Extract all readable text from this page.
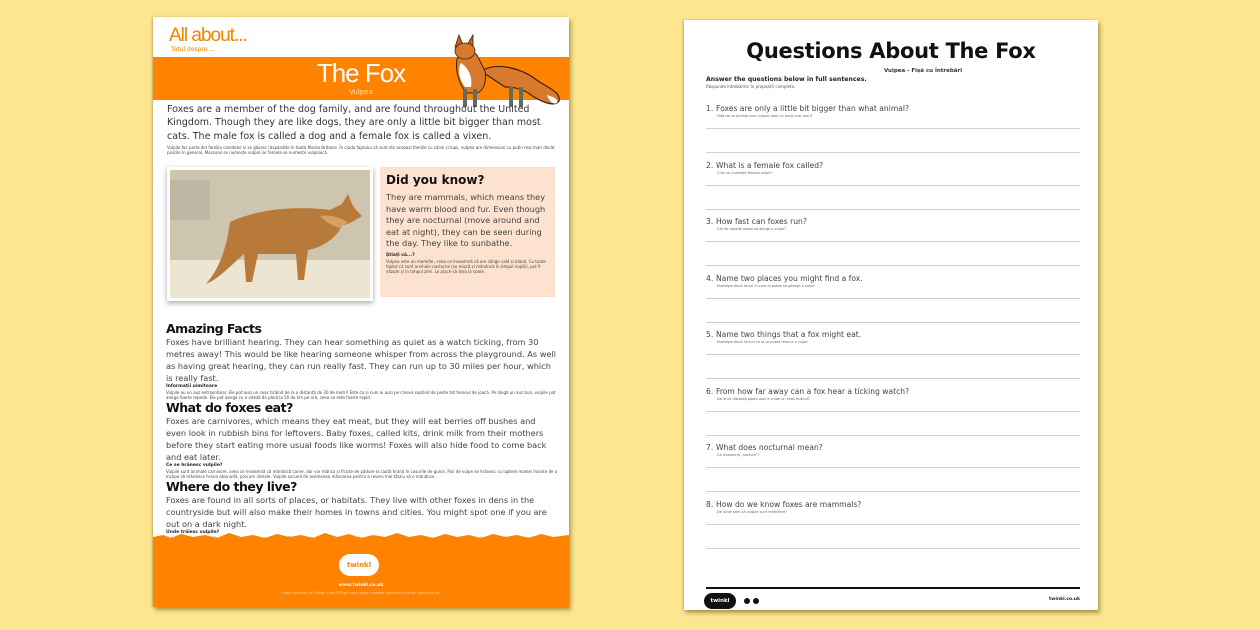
All about...
Totul despre ...
The Fox
Vulpea
Foxes are a member of the dog family, and are found throughout the United Kingdom. Though they are like dogs, they are only a little bit bigger than most cats. The male fox is called a dog and a female fox is called a vixen.
Vulpile fac parte din familia canidelor și se găsesc răspândite în toată Marea Britanie. În ciuda faptului că sunt din aceeași familie cu câinii și lupii, vulpea are dimensiuni cu puțin mai mari decât pisicile în general. Masculul se numește vulpoi iar femela se numește vulpoaică.
Did you know?
They are mammals, which means they have warm blood and fur. Even though they are nocturnal (move around and eat at night), they can be seen during the day. They like to sunbathe.
Știați că...?
Vulpea este un mamifer, ceea ce înseamnă că are sânge cald și blană. Cu toate faptul că sunt animale nocturne (se mișcă și mănâncă în timpul nopții), pot fi văzute și în timpul zilei. Le place să stea la soare.
Amazing Facts
Foxes have brilliant hearing. They can hear something as quiet as a watch ticking, from 30 metres away! This would be like hearing someone whisper from across the playground. As well as having great hearing, they can run really fast. They can run up to 30 miles per hour, which is really fast.
Informații uimitoare
Vulpile au un auz extraordinar. Ele pot auzi un ceas ticăind de la o distanță de 30 de metri! Este ca și cum ai auzi pe cineva șoptind de peste tot terenul de joacă. Pe lângă un auz bun, vulpile pot alerga foarte repede. Ele pot alerga cu o viteză de până la 50 de km pe oră, ceea ce este foarte rapid.
What do foxes eat?
Foxes are carnivores, which means they eat meat, but they will eat berries off bushes and even look in rubbish bins for leftovers. Baby foxes, called kits, drink milk from their mothers before they start eating more usual foods like worms! Foxes will also hide food to come back and eat later.
Ce se hrănesc vulpile?
Vulpile sunt animale carnivore, ceea ce înseamnă că mănâncă carne, dar vor mânca și fructe de pădure și caută hrană în coșurile de gunoi. Puii de vulpe se hrănesc cu laptele mamei înainte de a începe să mănânce hrana obișnuită, precum râmele. Vulpile ascund de asemenea mâncarea pentru a reveni mai târziu să o mănânce.
Where do they live?
Foxes are found in all sorts of places, or habitats. They live with other foxes in dens in the countryside but will also make their homes in towns and cities. You might spot one if you are out on a dark night.
Unde trăiesc vulpile?
twinkl
www.twinkl.co.uk
Photo courtesy of Pixaby. Free PSEvall used under creative commons license (twinkl.co.uk)
Questions About The Fox
Vulpea - Fișă cu întrebări
Answer the questions below in full sentences.
Răspunde întrebărilor în propoziții complete.
1. Foxes are only a little bit bigger than what animal?
Față de ce animal sunt vulpile doar cu puțin mai mari?
2. What is a female fox called?
Cum se numește femela vulpii?
3. How fast can foxes run?
Cât de repede poate să alerge o vulpe?
4. Name two places you might find a fox.
Numește două locuri în care ai putea să găsești o vulpe.
5. Name two things that a fox might eat.
Numește două lucruri ce le-ar putea mânca o vulpe.
6. From how far away can a fox hear a ticking watch?
De la ce distanță poate auzi o vulpe un ceas ticăind?
7. What does nocturnal mean?
Ce înseamnă „nocturn”?
8. How do we know foxes are mammals?
De unde știm că vulpile sunt mamifere?
twinkl	twinkl.co.uk
